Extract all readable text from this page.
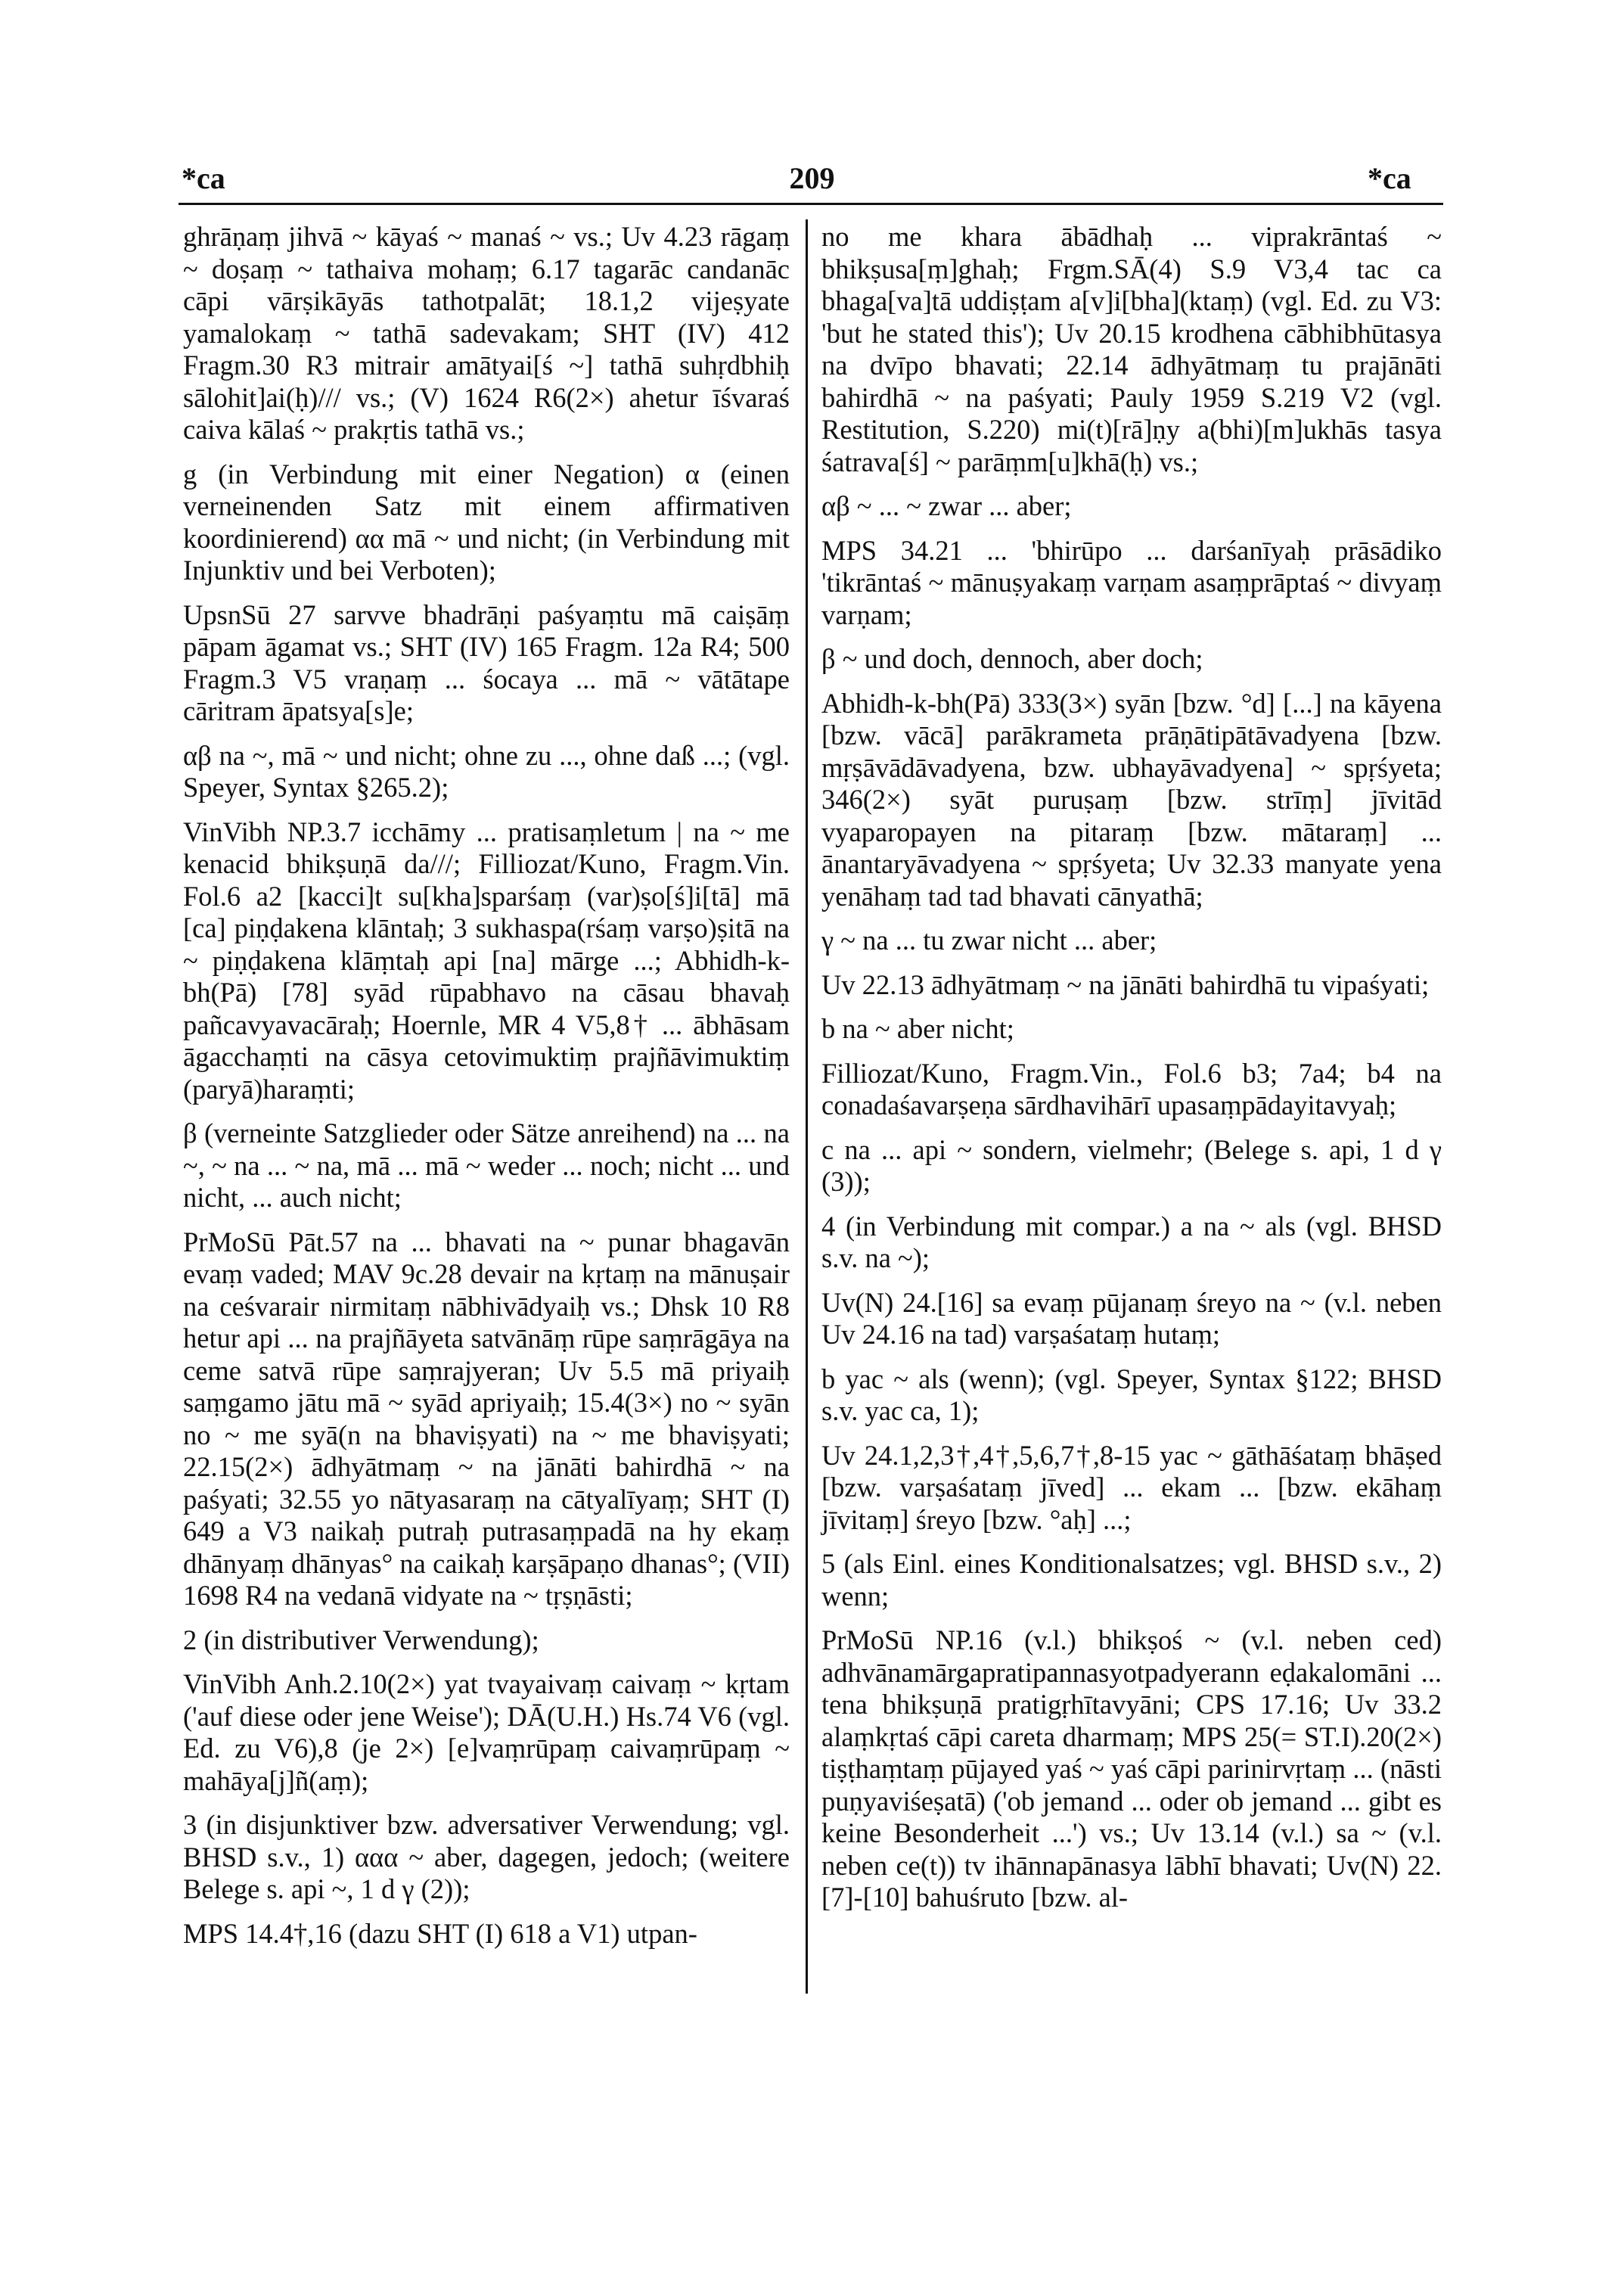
*ca	209	*ca

ghrāṇaṃ jihvā ~ kāyaś ~ manaś ~ vs.; Uv 4.23 rāgaṃ ~ doṣaṃ ~ tathaiva mohaṃ; 6.17 tagarāc candanāc cāpi vārṣikāyās tathotpalāt; 18.1,2 vijeṣyate yamalokaṃ ~ tathā sadevakam; SHT (IV) 412 Fragm.30 R3 mitrair amātyai[ś ~] tathā suhṛdbhiḥ sālohit]ai(ḥ)/// vs.; (V) 1624 R6(2×) ahetur īśvaraś caiva kālaś ~ prakṛtis tathā vs.;

g (in Verbindung mit einer Negation) α (einen verneinenden Satz mit einem affirmativen koordinierend) αα mā ~ und nicht; (in Verbindung mit Injunktiv und bei Verboten);

UpsnSū 27 sarvve bhadrāṇi paśyaṃtu mā caiṣāṃ pāpam āgamat vs.; SHT (IV) 165 Fragm. 12a R4; 500 Fragm.3 V5 vraṇaṃ ... śocaya ... mā ~ vātātape cāritram āpatsya[s]e;

αβ na ~, mā ~ und nicht; ohne zu ..., ohne daß ...; (vgl. Speyer, Syntax §265.2);

VinVibh NP.3.7 icchāmy ... pratisaṃletum | na ~ me kenacid bhikṣuṇā da///; Filliozat/Kuno, Fragm.Vin. Fol.6 a2 [kacci]t su[kha]sparśaṃ (var)ṣo[ś]i[tā] mā [ca] piṇḍakena klāntaḥ; 3 sukhaspa(rśaṃ varṣo)ṣitā na ~ piṇḍakena klāṃtaḥ api [na] mārge ...; Abhidh-k-bh(Pā) [78] syād rūpabhavo na cāsau bhavaḥ pañcavyavacāraḥ; Hoernle, MR 4 V5,8† ... ābhāsam āgacchaṃti na cāsya cetovimuktiṃ prajñāvimuktiṃ (paryā)haraṃti;

β (verneinte Satzglieder oder Sätze anreihend) na ... na ~, ~ na ... ~ na, mā ... mā ~ weder ... noch; nicht ... und nicht, ... auch nicht;

PrMoSū Pāt.57 na ... bhavati na ~ punar bhagavān evaṃ vaded; MAV 9c.28 devair na kṛtaṃ na mānuṣair na ceśvarair nirmitaṃ nābhivādyaiḥ vs.; Dhsk 10 R8 hetur api ... na prajñāyeta satvānāṃ rūpe saṃrāgāya na ceme satvā rūpe saṃrajyeran; Uv 5.5 mā priyaiḥ saṃgamo jātu mā ~ syād apriyaiḥ; 15.4(3×) no ~ syān no ~ me syā(n na bhaviṣyati) na ~ me bhaviṣyati; 22.15(2×) ādhyātmaṃ ~ na jānāti bahirdhā ~ na paśyati; 32.55 yo nātyasaraṃ na cātyalīyaṃ; SHT (I) 649 a V3 naikaḥ putraḥ putrasaṃpadā na hy ekaṃ dhānyaṃ dhānyas° na caikaḥ karṣāpaṇo dhanas°; (VII) 1698 R4 na vedanā vidyate na ~ tṛṣṇāsti;

2 (in distributiver Verwendung);

VinVibh Anh.2.10(2×) yat tvayaivaṃ caivaṃ ~ kṛtam ('auf diese oder jene Weise'); DĀ(U.H.) Hs.74 V6 (vgl. Ed. zu V6),8 (je 2×) [e]vaṃrūpaṃ caivaṃrūpaṃ ~ mahāya[j]ñ(aṃ);

3 (in disjunktiver bzw. adversativer Verwendung; vgl. BHSD s.v., 1) ααα ~ aber, dagegen, jedoch; (weitere Belege s. api ~, 1 d γ (2));

MPS 14.4†,16 (dazu SHT (I) 618 a V1) utpan-

no me khara ābādhaḥ ... viprakrāntaś ~ bhikṣusa[ṃ]ghaḥ; Frgm.SĀ(4) S.9 V3,4 tac ca bhaga[va]tā uddiṣṭam a[v]i[bha](ktaṃ) (vgl. Ed. zu V3: 'but he stated this'); Uv 20.15 krodhena cābhibhūtasya na dvīpo bhavati; 22.14 ādhyātmaṃ tu prajānāti bahirdhā ~ na paśyati; Pauly 1959 S.219 V2 (vgl. Restitution, S.220) mi(t)[rā]ṇy a(bhi)[m]ukhās tasya śatrava[ś] ~ parāṃm[u]khā(ḥ) vs.;

αβ ~ ... ~ zwar ... aber;

MPS 34.21 ... 'bhirūpo ... darśanīyaḥ prāsādiko 'tikrāntaś ~ mānuṣyakaṃ varṇam asaṃprāptaś ~ divyaṃ varṇam;

β ~ und doch, dennoch, aber doch;

Abhidh-k-bh(Pā) 333(3×) syān [bzw. °d] [...] na kāyena [bzw. vācā] parākrameta prāṇātipātāvadyena [bzw. mṛṣāvādāvadyena, bzw. ubhayāvadyena] ~ spṛśyeta; 346(2×) syāt puruṣaṃ [bzw. strīṃ] jīvitād vyaparopayen na pitaraṃ [bzw. mātaraṃ] ... ānantaryāvadyena ~ spṛśyeta; Uv 32.33 manyate yena yenāhaṃ tad tad bhavati cānyathā;

γ ~ na ... tu zwar nicht ... aber;

Uv 22.13 ādhyātmaṃ ~ na jānāti bahirdhā tu vipaśyati;

b na ~ aber nicht;

Filliozat/Kuno, Fragm.Vin., Fol.6 b3; 7a4; b4 na conadaśavarṣeṇa sārdhavihārī upasaṃpādayitavyaḥ;

c na ... api ~ sondern, vielmehr; (Belege s. api, 1 d γ (3));

4 (in Verbindung mit compar.) a na ~ als (vgl. BHSD s.v. na ~);

Uv(N) 24.[16] sa evaṃ pūjanaṃ śreyo na ~ (v.l. neben Uv 24.16 na tad) varṣaśataṃ hutaṃ;

b yac ~ als (wenn); (vgl. Speyer, Syntax §122; BHSD s.v. yac ca, 1);

Uv 24.1,2,3†,4†,5,6,7†,8-15 yac ~ gāthāśataṃ bhāṣed [bzw. varṣaśataṃ jīved] ... ekam ... [bzw. ekāhaṃ jīvitaṃ] śreyo [bzw. °aḥ] ...;

5 (als Einl. eines Konditionalsatzes; vgl. BHSD s.v., 2) wenn;

PrMoSū NP.16 (v.l.) bhikṣoś ~ (v.l. neben ced) adhvānamārgapratipannasyotpadyerann eḍakalomāni ... tena bhikṣuṇā pratigṛhītavyāni; CPS 17.16; Uv 33.2 alaṃkṛtaś cāpi careta dharmaṃ; MPS 25(= ST.I).20(2×) tiṣṭhaṃtaṃ pūjayed yaś ~ yaś cāpi parinirvṛtaṃ ... (nāsti puṇyaviśeṣatā) ('ob jemand ... oder ob jemand ... gibt es keine Besonderheit ...') vs.; Uv 13.14 (v.l.) sa ~ (v.l. neben ce(t)) tv ihānnapānasya lābhī bhavati; Uv(N) 22.[7]-[10] bahuśruto [bzw. al-
